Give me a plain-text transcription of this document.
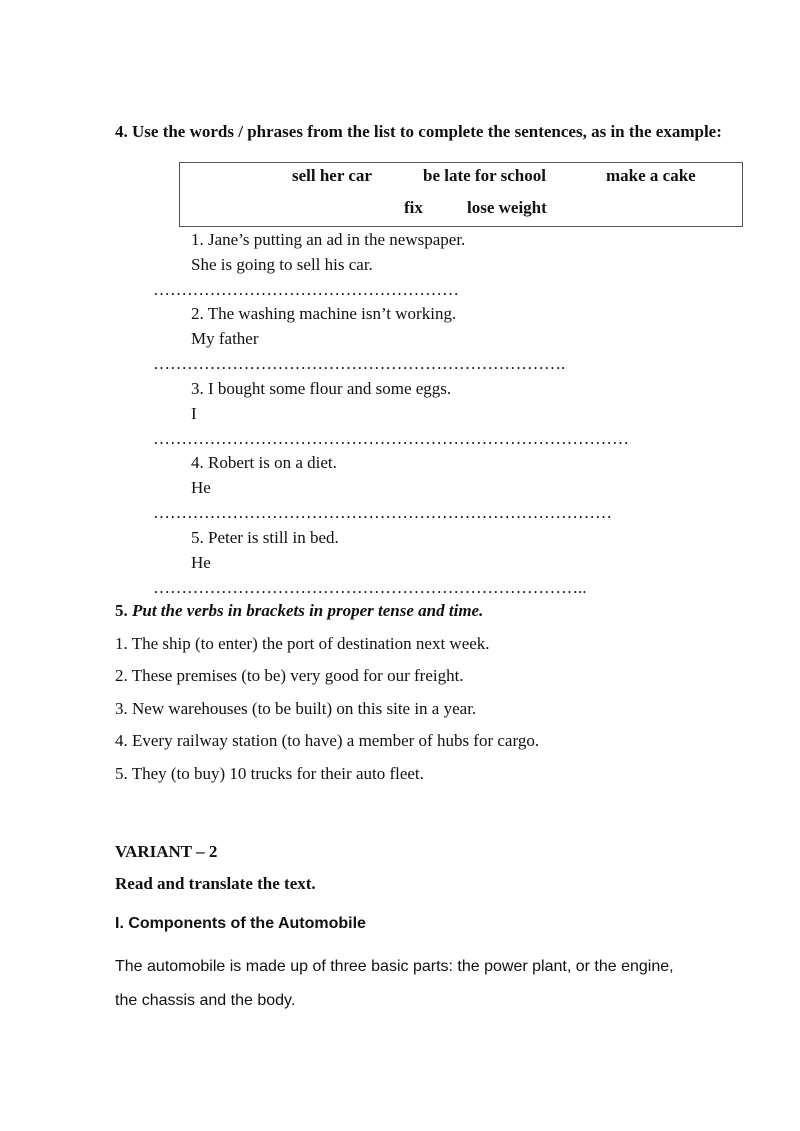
4. Use the words / phrases from the list to complete the sentences, as in the example:
sell her car	be late for school	make a cake
fix	lose weight
1. Jane’s putting an ad in the newspaper.
She is going to sell his car.
………………………………………………
2. The washing machine isn’t working.
My father
……………………………………………………………….
3. I bought some flour and some eggs.
I
…………………………………………………………………………
4. Robert is on a diet.
He
………………………………………………………………………
5. Peter is still in bed.
He
…………………………………………………………………..
5. Put the verbs in brackets in proper tense and time.
1. The ship (to enter) the port of destination next week.
2. These premises (to be) very good for our freight.
3. New warehouses (to be built) on this site in a year.
4. Every railway station (to have) a member of hubs for cargo.
5. They (to buy) 10 trucks for their auto fleet.
VARIANT – 2
Read and translate the text.
I. Components of the Automobile
The automobile is made up of three basic parts: the power plant, or the engine,
the chassis and the body.
